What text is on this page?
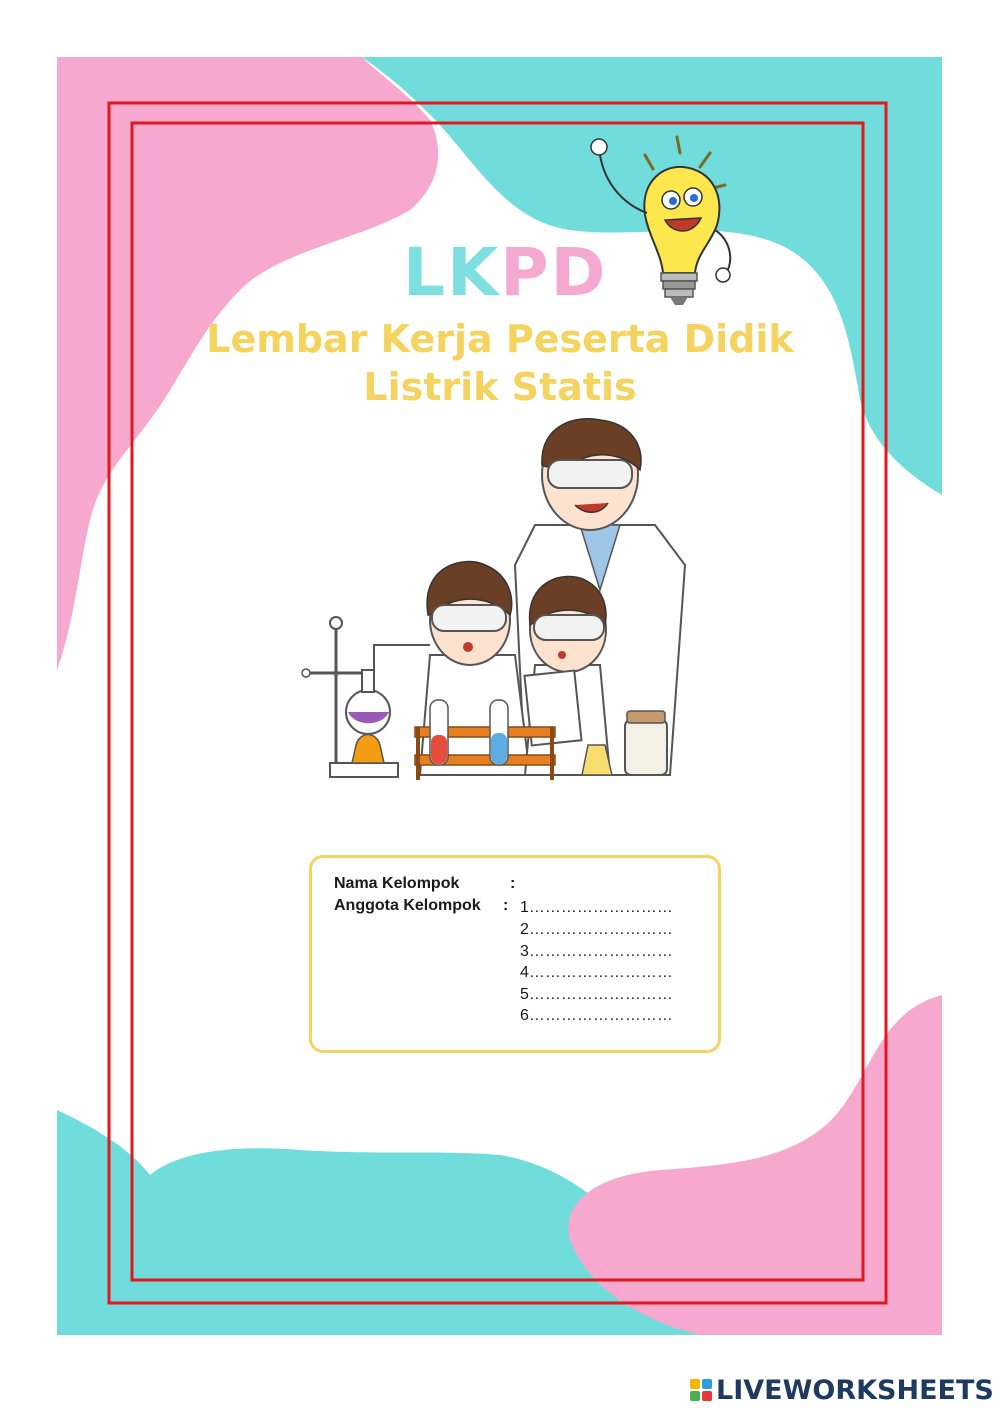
LKPD
Lembar Kerja Peserta Didik
Listrik Statis
Nama Kelompok	:
Anggota Kelompok : 1………………………
2………………………
3………………………
4………………………
5………………………
6………………………
LIVEWORKSHEETS
